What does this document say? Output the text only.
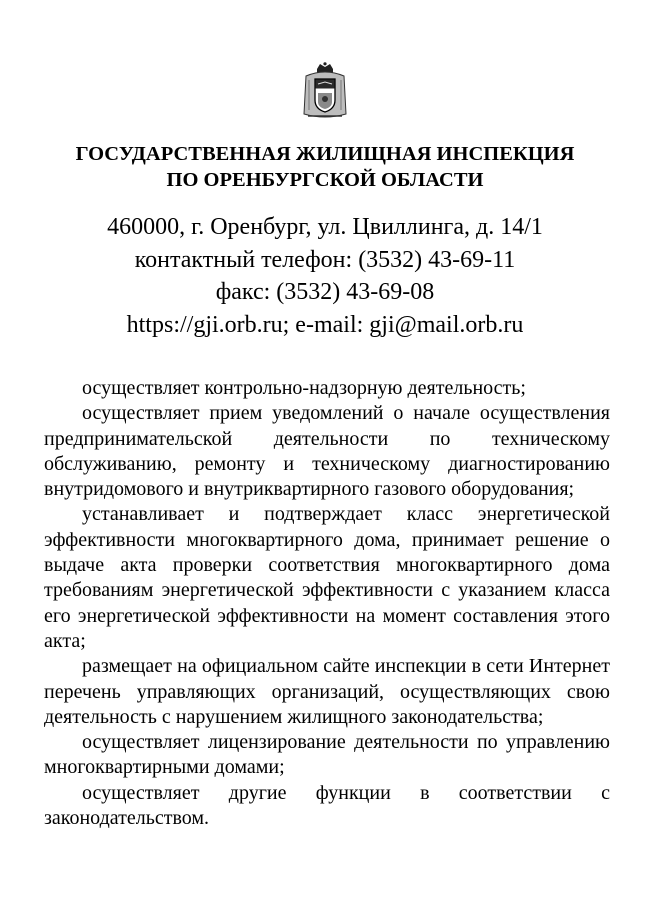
ГОСУДАРСТВЕННАЯ ЖИЛИЩНАЯ ИНСПЕКЦИЯ
ПО ОРЕНБУРГСКОЙ ОБЛАСТИ
460000, г. Оренбург, ул. Цвиллинга, д. 14/1
контактный телефон: (3532) 43-69-11
факс: (3532) 43-69-08
https://gji.orb.ru; e-mail: gji@mail.orb.ru

осуществляет контрольно-надзорную деятельность;

осуществляет прием уведомлений о начале осуществления предпринимательской деятельности по техническому обслуживанию, ремонту и техническому диагностированию внутридомового и внутриквартирного газового оборудования;

устанавливает и подтверждает класс энергетической эффективности многоквартирного дома, принимает решение о выдаче акта проверки соответствия многоквартирного дома требованиям энергетической эффективности с указанием класса его энергетической эффективности на момент составления этого акта;

размещает на официальном сайте инспекции в сети Интернет перечень управляющих организаций, осуществляющих свою деятельность с нарушением жилищного законодательства;

осуществляет лицензирование деятельности по управлению многоквартирными домами;

осуществляет другие функции в соответствии с законодательством.
